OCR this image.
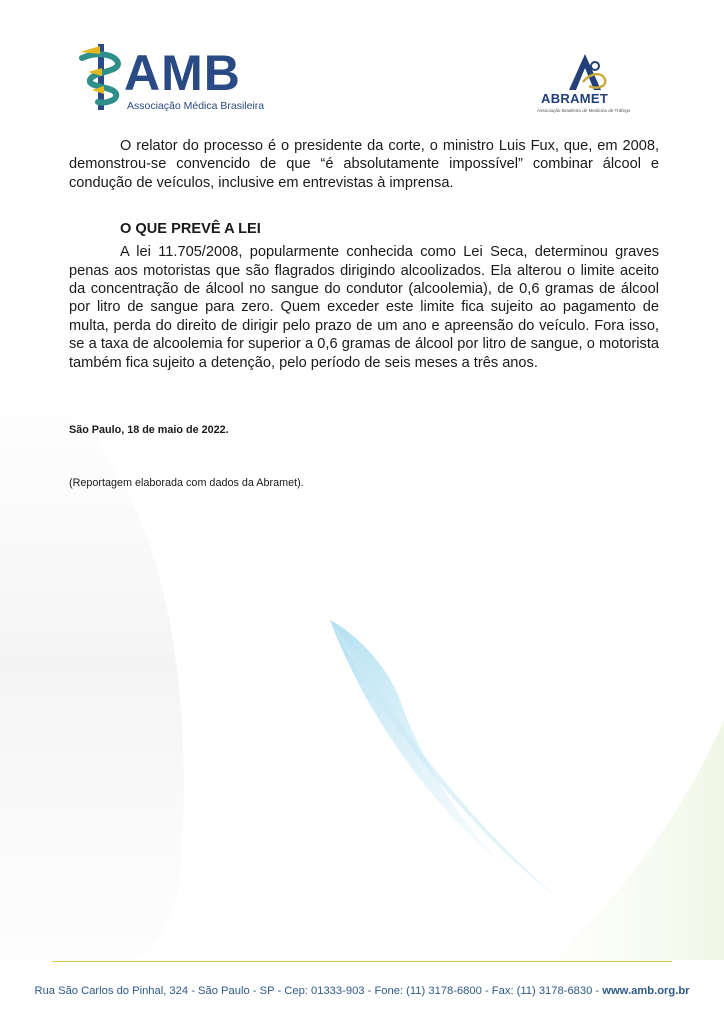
AMB
Associação Médica Brasileira	ABRAMET
Associação Brasileira de Medicina de Tráfego

O relator do processo é o presidente da corte, o ministro Luis Fux, que, em 2008, demonstrou-se convencido de que “é absolutamente impossível” combinar álcool e condução de veículos, inclusive em entrevistas à imprensa.

O QUE PREVÊ A LEI

A lei 11.705/2008, popularmente conhecida como Lei Seca, determinou graves penas aos motoristas que são flagrados dirigindo alcoolizados. Ela alterou o limite aceito da concentração de álcool no sangue do condutor (alcoolemia), de 0,6 gramas de álcool por litro de sangue para zero. Quem exceder este limite fica sujeito ao pagamento de multa, perda do direito de dirigir pelo prazo de um ano e apreensão do veículo. Fora isso, se a taxa de alcoolemia for superior a 0,6 gramas de álcool por litro de sangue, o motorista também fica sujeito a detenção, pelo período de seis meses a três anos.

São Paulo, 18 de maio de 2022.

(Reportagem elaborada com dados da Abramet).

Rua São Carlos do Pinhal, 324 - São Paulo - SP - Cep: 01333-903 - Fone: (11) 3178-6800 - Fax: (11) 3178-6830 - www.amb.org.br
